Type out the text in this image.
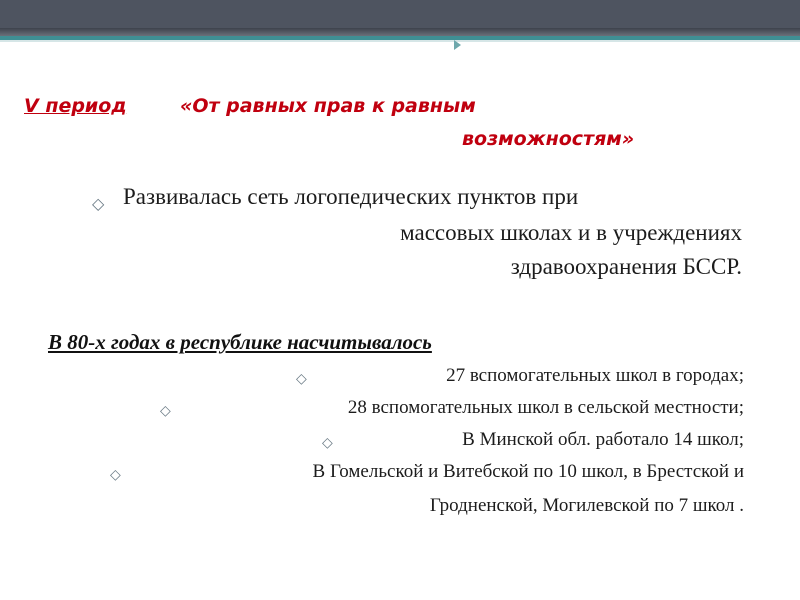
V период	«От равных прав к равным
возможностям»
◇ Развивалась сеть логопедических пунктов при
массовых школах и в учреждениях
здравоохранения БССР.
В 80-х годах в республике насчитывалось
◇	27 вспомогательных школ в городах;
◇	28 вспомогательных школ в сельской местности;
◇	В Минской обл. работало 14 школ;
◇	В Гомельской и Витебской по 10 школ, в Брестской и
Гродненской, Могилевской по 7 школ .
